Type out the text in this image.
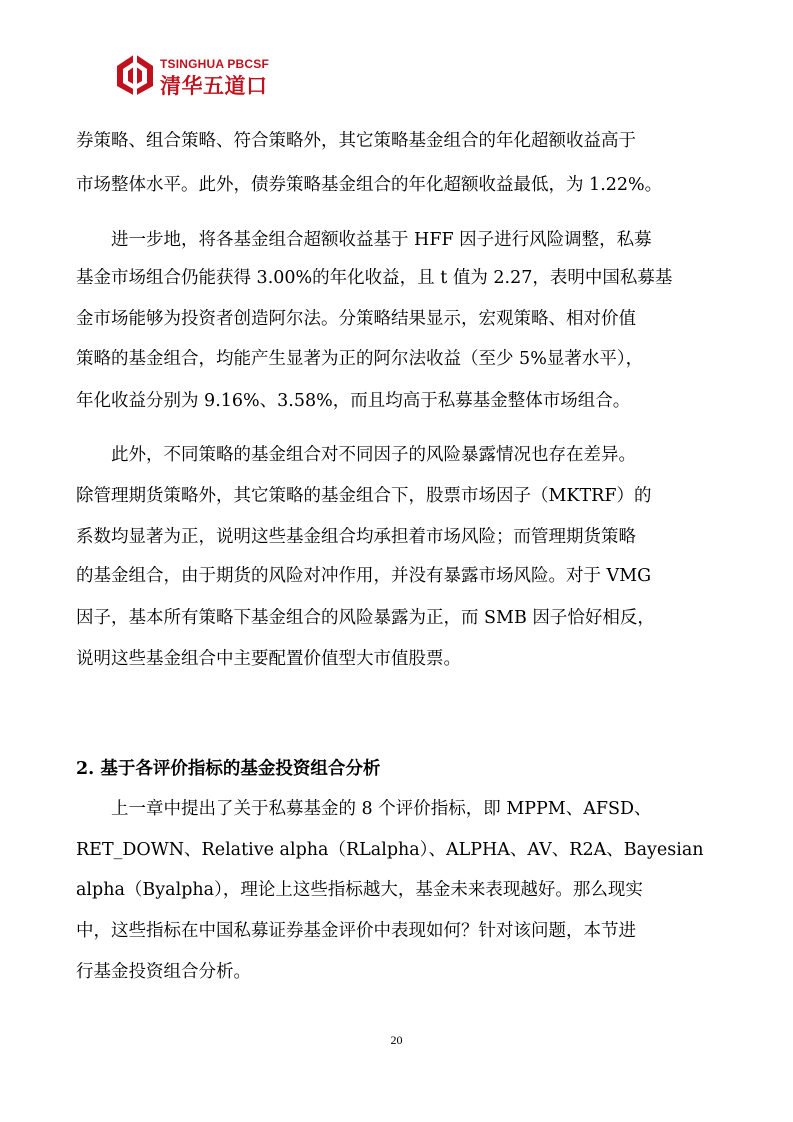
TSINGHUA PBCSF
清华五道口
券策略、组合策略、符合策略外，其它策略基金组合的年化超额收益高于
市场整体水平。此外，债券策略基金组合的年化超额收益最低，为 1.22%。
进一步地，将各基金组合超额收益基于 HFF 因子进行风险调整，私募
基金市场组合仍能获得 3.00%的年化收益，且 t 值为 2.27，表明中国私募基
金市场能够为投资者创造阿尔法。分策略结果显示，宏观策略、相对价值
策略的基金组合，均能产生显著为正的阿尔法收益（至少 5%显著水平），
年化收益分别为 9.16%、3.58%，而且均高于私募基金整体市场组合。
此外，不同策略的基金组合对不同因子的风险暴露情况也存在差异。
除管理期货策略外，其它策略的基金组合下，股票市场因子（MKTRF）的
系数均显著为正，说明这些基金组合均承担着市场风险；而管理期货策略
的基金组合，由于期货的风险对冲作用，并没有暴露市场风险。对于 VMG
因子，基本所有策略下基金组合的风险暴露为正，而 SMB 因子恰好相反，
说明这些基金组合中主要配置价值型大市值股票。
2. 基于各评价指标的基金投资组合分析
上一章中提出了关于私募基金的 8 个评价指标，即 MPPM、AFSD、
RET_DOWN、Relative alpha（RLalpha）、ALPHA、AV、R2A、Bayesian
alpha（Byalpha），理论上这些指标越大，基金未来表现越好。那么现实
中，这些指标在中国私募证券基金评价中表现如何？针对该问题，本节进
行基金投资组合分析。
20
